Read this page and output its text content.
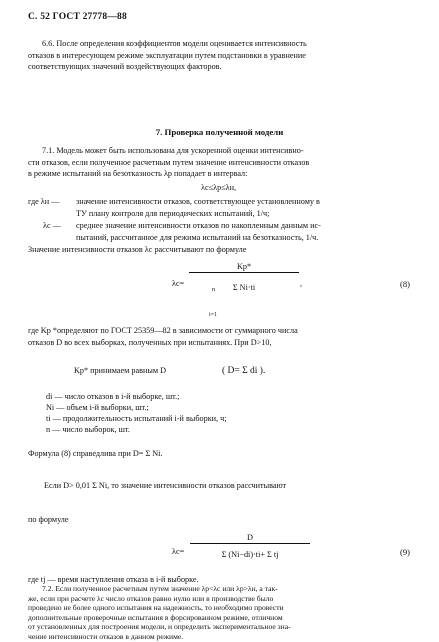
С. 52 ГОСТ 27778—88
6.6. После определения коэффициентов модели оценивается интенсивность
отказов в интересующем режиме эксплуатации путем подстановки в уравнение
соответствующих значений воздействующих факторов.
7. Проверка полученной модели
7.1. Модель может быть использована для ускоренной оценки интенсивно-
сти отказов, если полученное расчетным путем значение интенсивности отказов
в режиме испытаний на безотказность λр попадает в интервал:
λc≤λр≤λн,
где λн — значение интенсивности отказов, соответствующее установленному в
ТУ плану контроля для периодических испытаний, 1/ч;
λc — среднее значение интенсивности отказов по накопленным данным ис-
пытаний, рассчитанное для режима испытаний на безотказность, 1/ч.
Значение интенсивности отказов λc рассчитывают по формуле
λc=
Kр*
Σ Ni·ti
n
i=1
,	(8)
где Kр *определяют по ГОСТ 25359—82 в зависимости от суммарного числа
отказов D во всех выборках, полученных при испытаниях. При D>10,
Kр* принимаем равным D	( D= Σ di ).
di — число отказов в i-й выборке, шт.;
Ni — объем i-й выборки, шт.;
ti — продолжительность испытаний i-й выборки, ч;
n — число выборок, шт.
Формула (8) справедлива при D= Σ Ni.
Если D> 0,01 Σ Ni, то значение интенсивности отказов рассчитывают
по формуле
$\lambda c= \frac{D}{\text{Σ (Ni−di)·ti+ Σ tj}}$	(9)
где tj — время наступления отказа в i-й выборке.
7.2. Если полученное расчетным путем значение λр<λc или λр>λн, а так-
же, если при расчете λc число отказов равно нулю или в производстве было
проведено не более одного испытания на надежность, то необходимо провести
дополнительные проверочные испытания в форсированном режиме, отличном
от установленных для построения модели, и определить экспериментальное зна-
чение интенсивности отказов в данном режиме.
